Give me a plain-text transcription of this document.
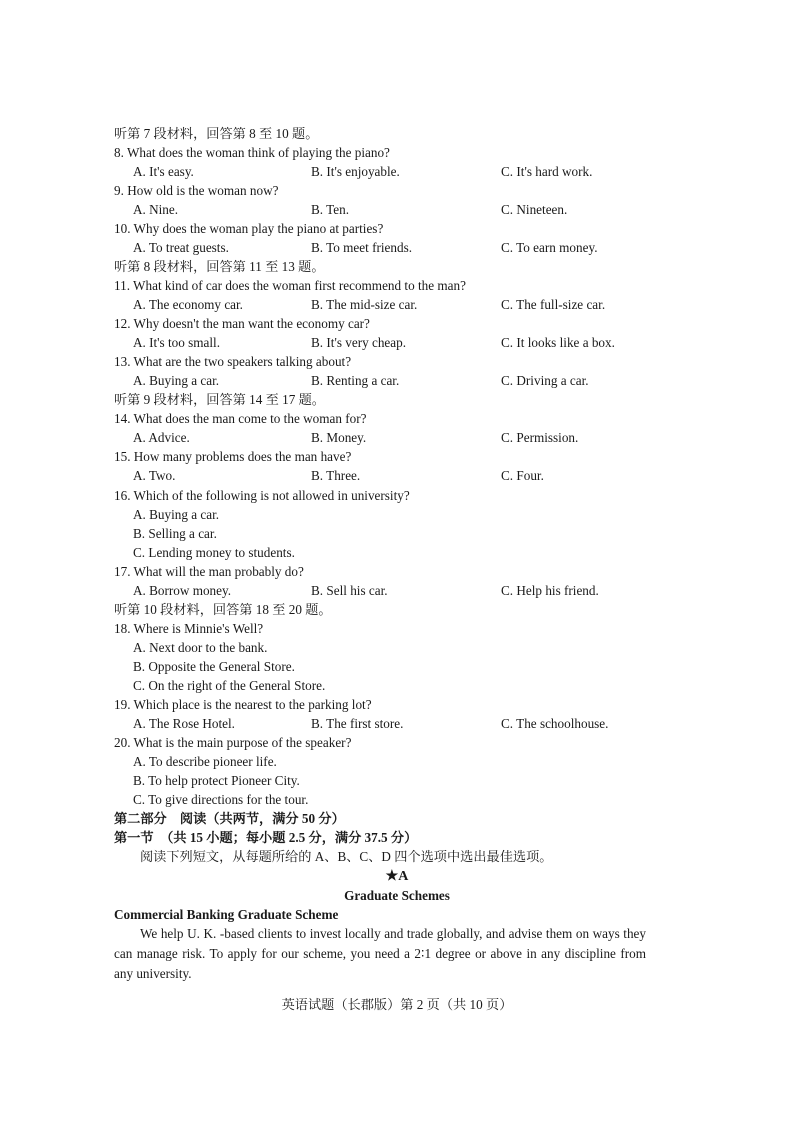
听第 7 段材料，回答第 8 至 10 题。
8. What does the woman think of playing the piano?
A. It's easy.	B. It's enjoyable.	C. It's hard work.
9. How old is the woman now?
A. Nine.	B. Ten.	C. Nineteen.
10. Why does the woman play the piano at parties?
A. To treat guests.	B. To meet friends.	C. To earn money.
听第 8 段材料，回答第 11 至 13 题。
11. What kind of car does the woman first recommend to the man?
A. The economy car.	B. The mid-size car.	C. The full-size car.
12. Why doesn't the man want the economy car?
A. It's too small.	B. It's very cheap.	C. It looks like a box.
13. What are the two speakers talking about?
A. Buying a car.	B. Renting a car.	C. Driving a car.
听第 9 段材料，回答第 14 至 17 题。
14. What does the man come to the woman for?
A. Advice.	B. Money.	C. Permission.
15. How many problems does the man have?
A. Two.	B. Three.	C. Four.
16. Which of the following is not allowed in university?
A. Buying a car.
B. Selling a car.
C. Lending money to students.
17. What will the man probably do?
A. Borrow money.	B. Sell his car.	C. Help his friend.
听第 10 段材料，回答第 18 至 20 题。
18. Where is Minnie's Well?
A. Next door to the bank.
B. Opposite the General Store.
C. On the right of the General Store.
19. Which place is the nearest to the parking lot?
A. The Rose Hotel.	B. The first store.	C. The schoolhouse.
20. What is the main purpose of the speaker?
A. To describe pioneer life.
B. To help protect Pioneer City.
C. To give directions for the tour.
第二部分　阅读（共两节，满分 50 分）
第一节　（共 15 小题；每小题 2.5 分，满分 37.5 分）
阅读下列短文，从每题所给的 A、B、C、D 四个选项中选出最佳选项。
★A
Graduate Schemes
Commercial Banking Graduate Scheme

We help U. K. -based clients to invest locally and trade globally, and advise them on ways they can manage risk. To apply for our scheme, you need a 2∶1 degree or above in any discipline from any university.

英语试题（长郡版）第 2 页（共 10 页）
